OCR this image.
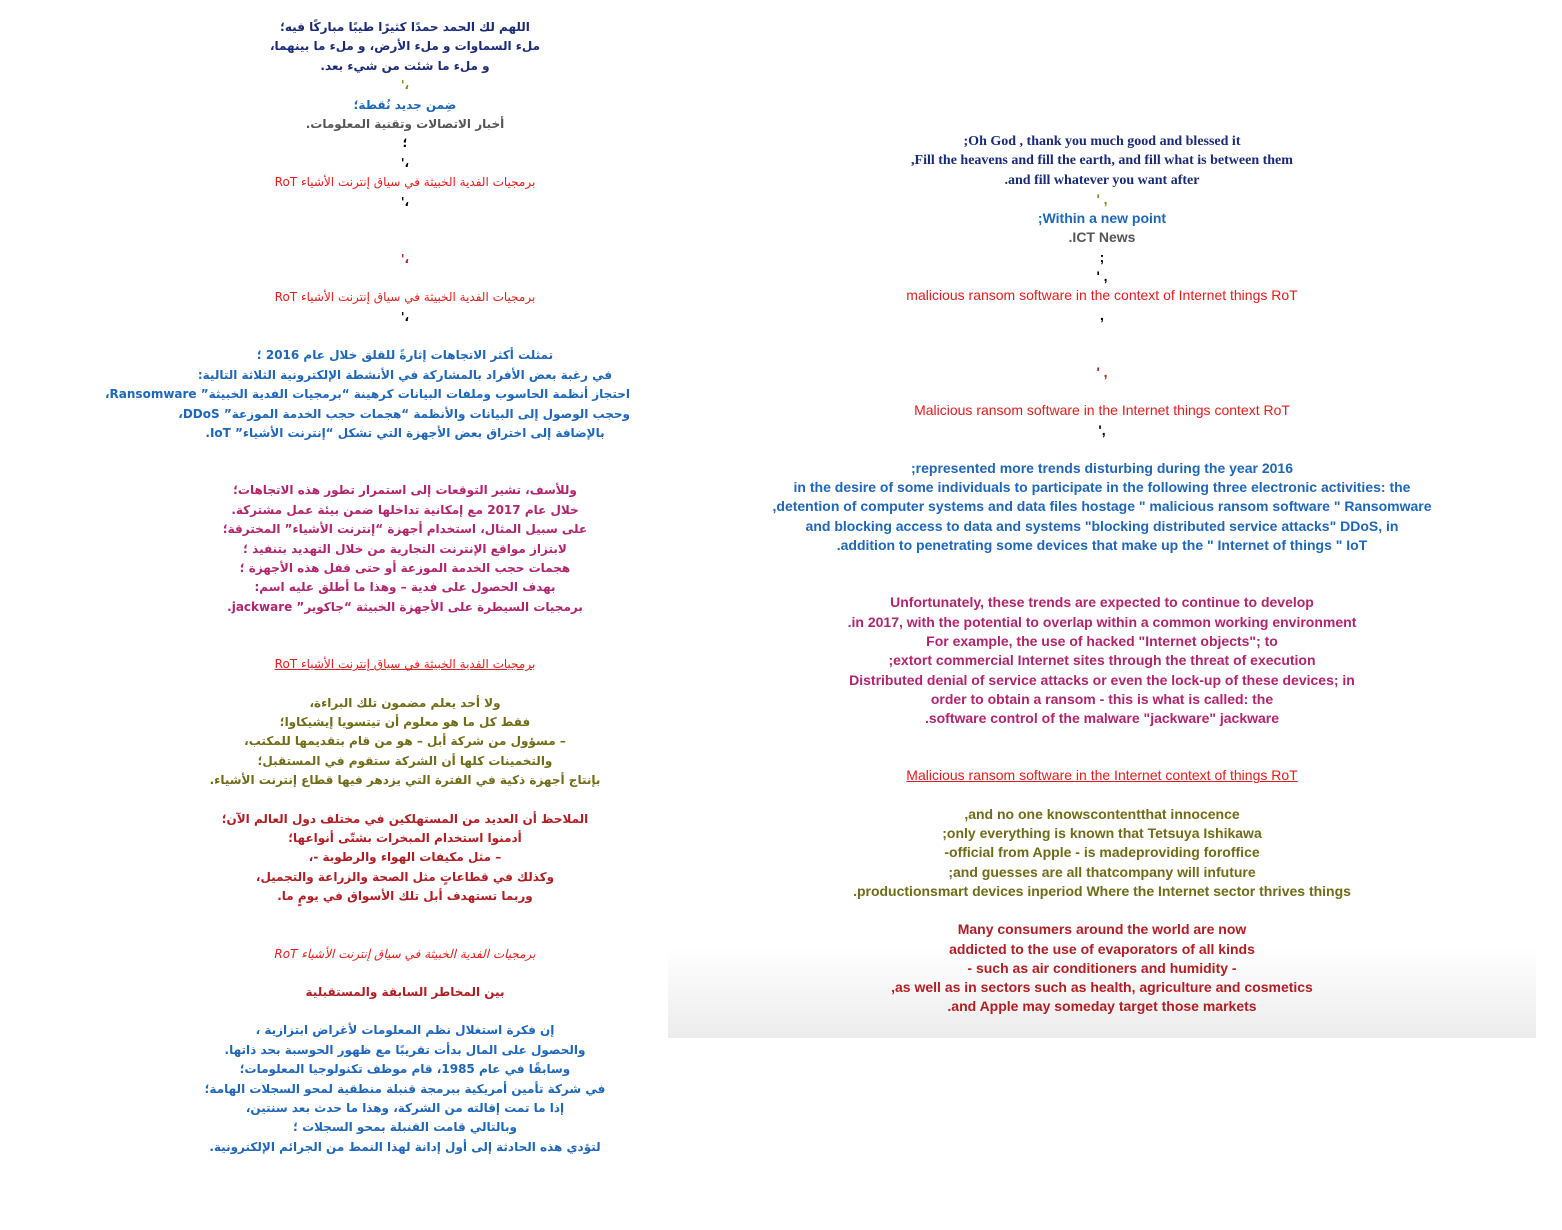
اللهم لك الحمد حمدًا كثيرًا طيبًا مباركًا فيه؛
ملء السماوات و ملء الأرض، و ملء ما بينهما،
و ملء ما شئت من شيء بعد.
،'
ضِمن جديد نُقطة؛
أخبار الاتصالات وتقنية المعلومات.
؛
،'
برمجيات الفدية الخبيثة في سياق إنترنت الأشياء RoT
،'
،'
برمجيات الفدية الخبيثة في سياق إنترنت الأشياء RoT
،'
تمثلت أكثر الاتجاهات إثارةً للقلق خلال عام 2016 ؛
في رغبة بعض الأفراد بالمشاركة في الأنشطة الإلكترونية الثلاثة التالية:
احتجاز أنظمة الحاسوب وملفات البيانات كرهينة “برمجيات الفدية الخبيثة” Ransomware،
وحجب الوصول إلى البيانات والأنظمة “هجمات حجب الخدمة الموزعة” DDoS،
بالإضافة إلى اختراق بعض الأجهزة التي تشكل “إنترنت الأشياء” IoT.
وللأسف، تشير التوقعات إلى استمرار تطور هذه الاتجاهات؛
خلال عام 2017 مع إمكانية تداخلها ضمن بيئة عمل مشتركة.
على سبيل المثال، استخدام أجهزة “إنترنت الأشياء” المخترقة؛
لابتزاز مواقع الإنترنت التجارية من خلال التهديد بتنفيذ ؛
هجمات حجب الخدمة الموزعة أو حتى قفل هذه الأجهزة ؛
بهدف الحصول على فدية – وهذا ما أطلق عليه اسم:
برمجيات السيطرة على الأجهزة الخبيثة “جاكوير” jackware.
برمجيات الفدية الخبيثة في سياق إنترنت الأشياء RoT
ولا أحد يعلم مضمون تلك البراءة،
فقط كل ما هو معلوم أن تيتسويا إيشيكاوا؛
– مسؤول من شركة أبل – هو من قام بتقديمها للمكتب،
والتخمينات كلها أن الشركة ستقوم في المستقبل؛
بإنتاج أجهزة ذكية في الفترة التي يزدهر فيها قطاع إنترنت الأشياء.
الملاحظ أن العديد من المستهلكين في مختلف دول العالم الآن؛
أدمنوا استخدام المبخرات بشتّى أنواعها؛
– مثل مكيفات الهواء والرطوبة -،
وكذلك في قطاعاتٍ مثل الصحة والزراعة والتجميل،
وربما تستهدف أبل تلك الأسواق في يومٍ ما.
برمجيات الفدية الخبيثة في سياق إنترنت الأشياء RoT
بين المخاطر السابقة والمستقبلية
إن فكرة استغلال نظم المعلومات لأغراض ابتزازية ،
والحصول على المال بدأت تقريبًا مع ظهور الحوسبة بحد ذاتها.
وسابقًا في عام 1985، قام موظف تكنولوجيا المعلومات؛
في شركة تأمين أمريكية ببرمجة قنبلة منطقية لمحو السجلات الهامة؛
إذا ما تمت إقالته من الشركة، وهذا ما حدث بعد سنتين،
وبالتالي قامت القنبلة بمحو السجلات ؛
لتؤدي هذه الحادثة إلى أول إدانة لهذا النمط من الجرائم الإلكترونية.
;Oh God , thank you much good and blessed it
,Fill the heavens and fill the earth, and fill what is between them
.and fill whatever you want after
' ,
;Within a new point
.ICT News
;
' ,
malicious ransom software in the context of Internet things RoT
,
' ,
Malicious ransom software in the Internet things context RoT
',
;represented more trends disturbing during the year 2016
in the desire of some individuals to participate in the following three electronic activities: the
,detention of computer systems and data files hostage " malicious ransom software " Ransomware
and blocking access to data and systems "blocking distributed service attacks" DDoS, in
.addition to penetrating some devices that make up the " Internet of things " IoT
Unfortunately, these trends are expected to continue to develop
.in 2017, with the potential to overlap within a common working environment
For example, the use of hacked "Internet objects"; to
;extort commercial Internet sites through the threat of execution
Distributed denial of service attacks or even the lock-up of these devices; in
order to obtain a ransom - this is what is called: the
.software control of the malware "jackware" jackware
Malicious ransom software in the Internet context of things RoT
,and no one knowscontentthat innocence
;only everything is known that Tetsuya Ishikawa
-official from Apple - is madeproviding foroffice
;and guesses are all thatcompany will infuture
.productionsmart devices inperiod Where the Internet sector thrives things
Many consumers around the world are now
addicted to the use of evaporators of all kinds
- such as air conditioners and humidity -
,as well as in sectors such as health, agriculture and cosmetics
.and Apple may someday target those markets
